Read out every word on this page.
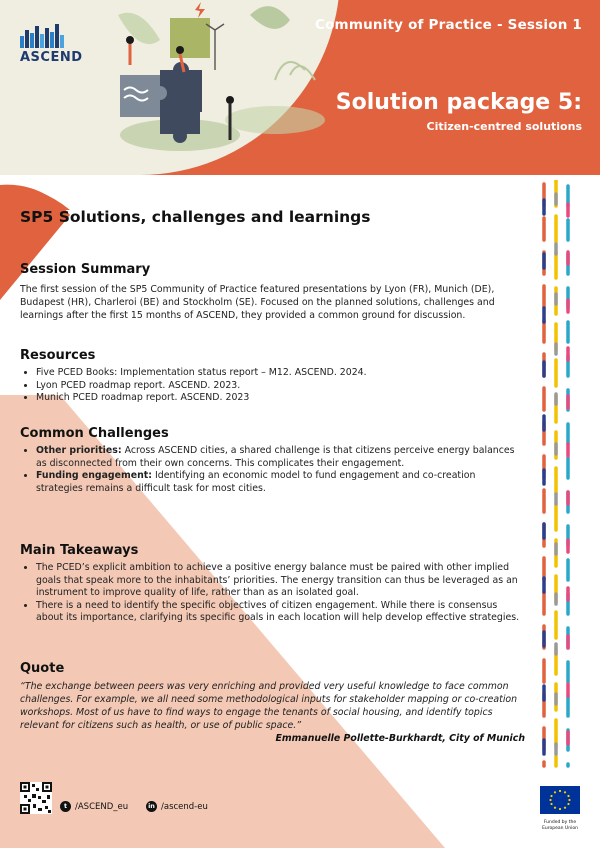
ASCEND
Community of Practice - Session 1
Solution package 5:
Citizen-centred solutions
SP5 Solutions, challenges and learnings
Session Summary

The first session of the SP5 Community of Practice featured presentations by Lyon (FR), Munich (DE), Budapest (HR), Charleroi (BE) and Stockholm (SE). Focused on the planned solutions, challenges and learnings after the first 15 months of ASCEND, they provided a common ground for discussion.

Resources
• Five PCED Books: Implementation status report – M12. ASCEND. 2024.
• Lyon PCED roadmap report. ASCEND. 2023.
• Munich PCED roadmap report. ASCEND. 2023
Common Challenges
• Other priorities: Across ASCEND cities, a shared challenge is that citizens perceive energy balances as disconnected from their own concerns. This complicates their engagement.
• Funding engagement: Identifying an economic model to fund engagement and co-creation strategies remains a difficult task for most cities.
Main Takeaways
• The PCED’s explicit ambition to achieve a positive energy balance must be paired with other implied goals that speak more to the inhabitants’ priorities. The energy transition can thus be leveraged as an instrument to improve quality of life, rather than as an isolated goal.
• There is a need to identify the specific objectives of citizen engagement. While there is consensus about its importance, clarifying its specific goals in each location will help develop effective strategies.
Quote
“The exchange between peers was very enriching and provided very useful knowledge to face common challenges. For example, we all need some methodological inputs for stakeholder mapping or co-creation workshops. Most of us have to find ways to engage the tenants of social housing, and identify topics relevant for citizens such as health, or use of public space.”
Emmanuelle Pollette-Burkhardt, City of Munich
t /ASCEND_eu	in /ascend-eu
Funded by the European Union
